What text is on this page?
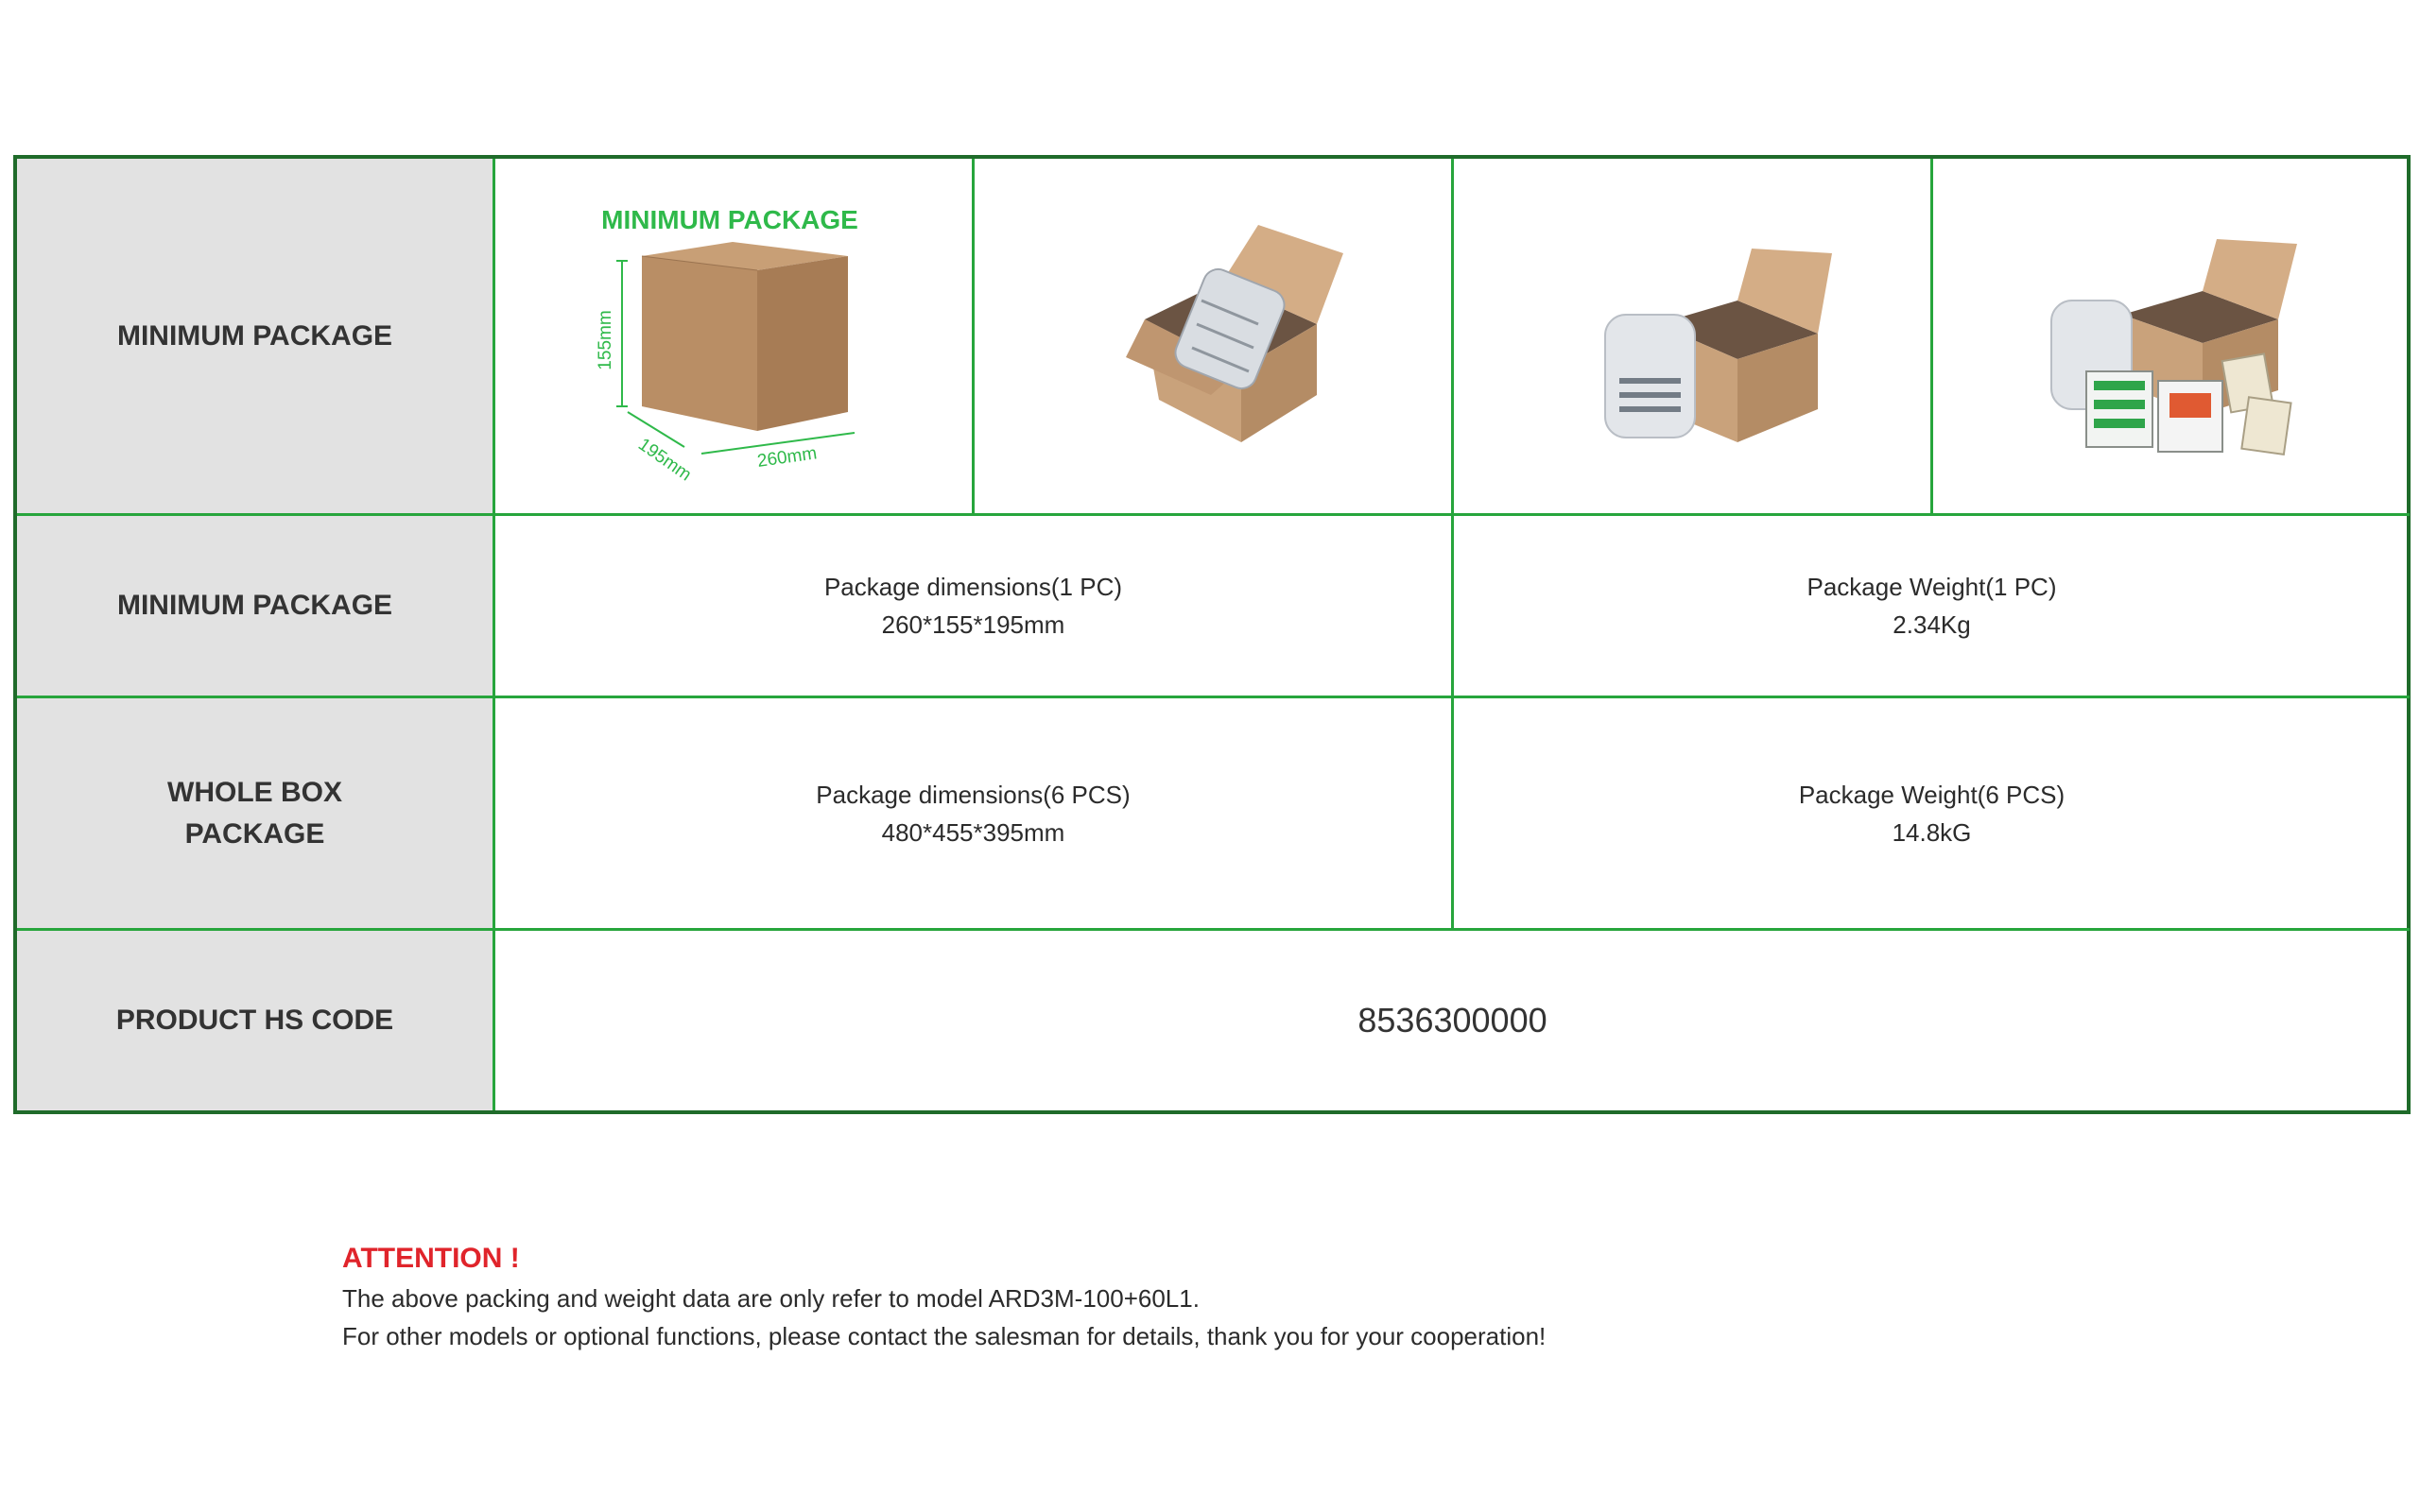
MINIMUM PACKAGE
MINIMUM PACKAGE
155mm
195mm	260mm
MINIMUM PACKAGE
Package dimensions(1 PC)
260*155*195mm
Package Weight(1 PC)
2.34Kg
WHOLE BOX
PACKAGE
Package dimensions(6 PCS)
480*455*395mm
Package Weight(6 PCS)
14.8kG
PRODUCT HS CODE	8536300000
ATTENTION !
The above packing and weight data are only refer to model ARD3M-100+60L1.
For other models or optional functions, please contact the salesman for details, thank you for your cooperation!
